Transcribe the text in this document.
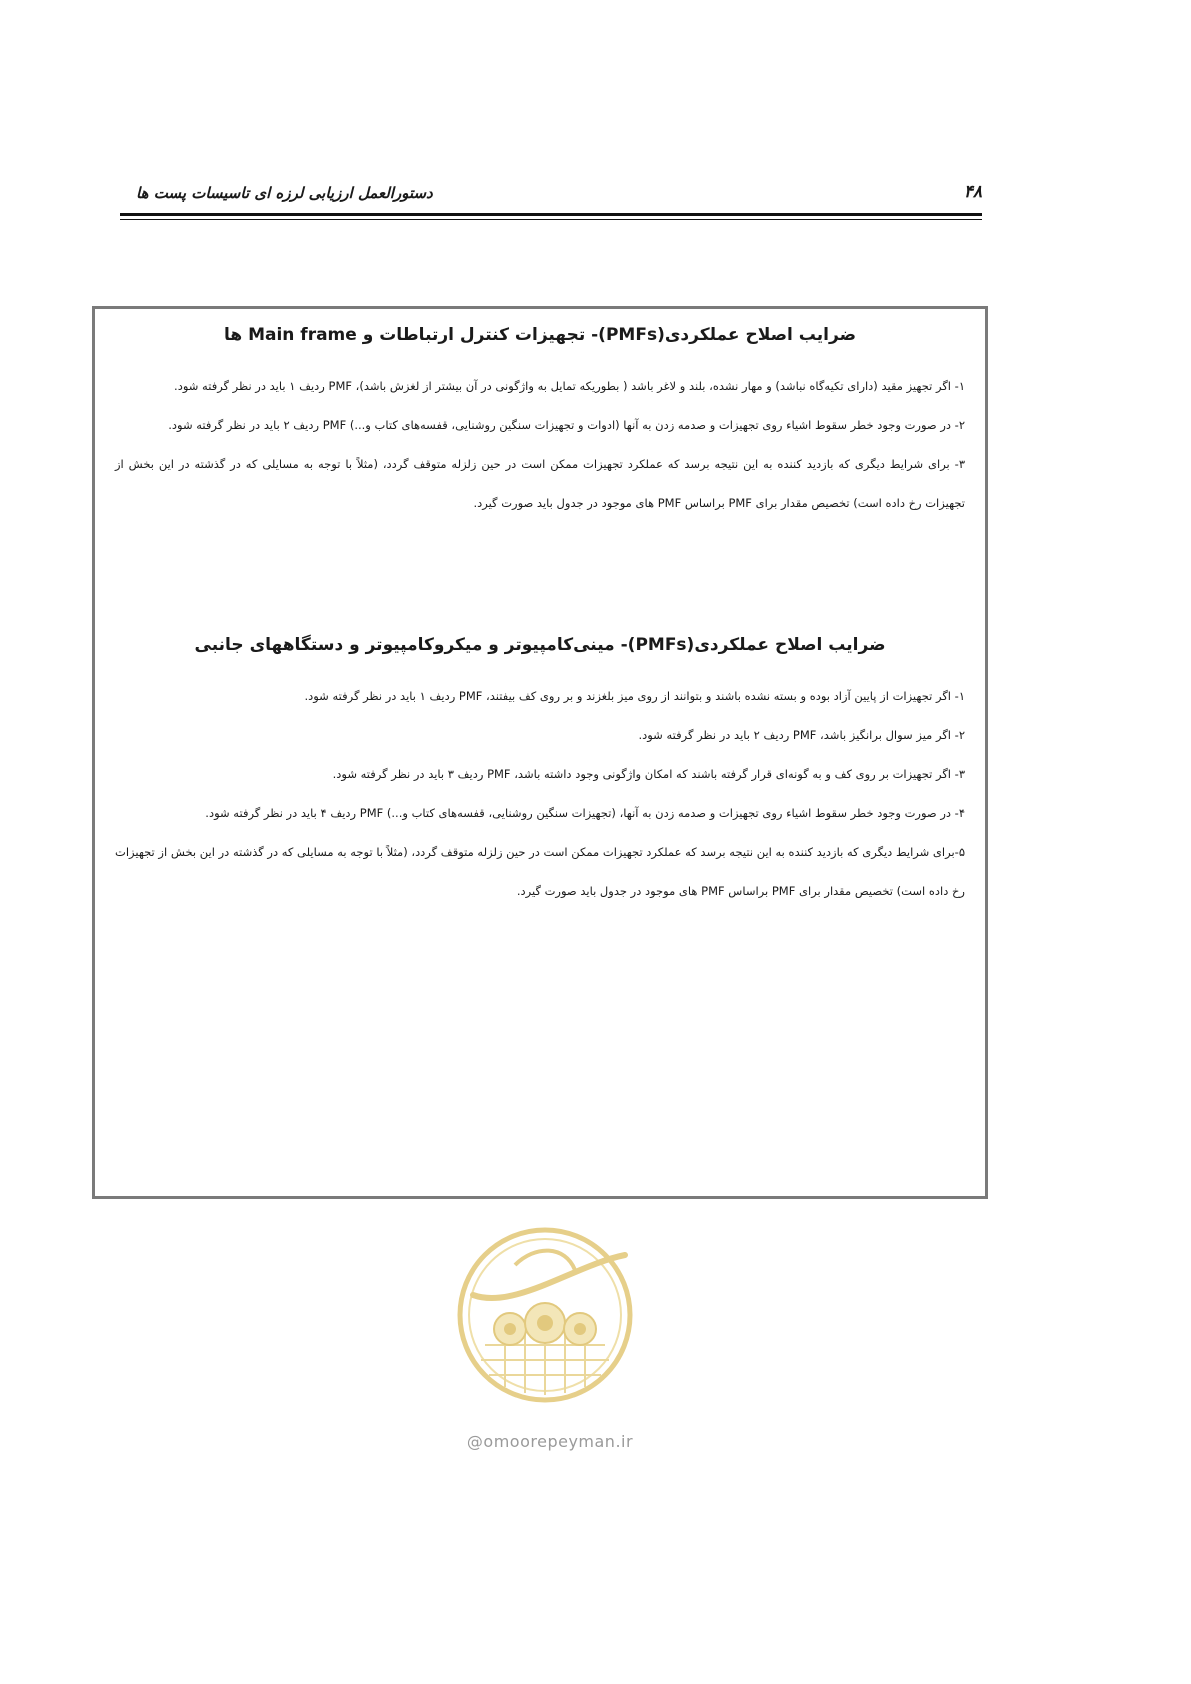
۴۸
دستورالعمل ارزیابی لرزه ای تاسیسات پست ها
ضرایب اصلاح عملکردی(PMFs)- تجهیزات کنترل ارتباطات و Main frame ها

۱- اگر تجهیز مقید (دارای تکیه‌گاه نباشد) و مهار نشده، بلند و لاغر باشد ( بطوریکه تمایل به واژگونی در آن بیشتر از لغزش باشد)، PMF ردیف ۱ باید در نظر گرفته شود.

۲- در صورت وجود خطر سقوط اشیاء روی تجهیزات و صدمه زدن به آنها (ادوات و تجهیزات سنگین روشنایی، قفسه‌های کتاب و...) PMF ردیف ۲ باید در نظر گرفته شود.

۳- برای شرایط دیگری که بازدید کننده به این نتیجه برسد که عملکرد تجهیزات ممکن است در حین زلزله متوقف گردد، (مثلاً با توجه به مسایلی که در گذشته در این بخش از تجهیزات رخ داده است) تخصیص مقدار برای PMF براساس PMF های موجود در جدول باید صورت گیرد.

ضرایب اصلاح عملکردی(PMFs)- مینی‌کامپیوتر و میکروکامپیوتر و دستگاههای جانبی

۱- اگر تجهیزات از پایین آزاد بوده و بسته نشده باشند و بتوانند از روی میز بلغزند و بر روی کف بیفتند، PMF ردیف ۱ باید در نظر گرفته شود.

۲- اگر میز سوال برانگیز باشد، PMF ردیف ۲ باید در نظر گرفته شود.

۳- اگر تجهیزات بر روی کف و به گونه‌ای قرار گرفته باشند که امکان واژگونی وجود داشته باشد، PMF ردیف ۳ باید در نظر گرفته شود.

۴- در صورت وجود خطر سقوط اشیاء روی تجهیزات و صدمه زدن به آنها، (تجهیزات سنگین روشنایی، قفسه‌های کتاب و...) PMF ردیف ۴ باید در نظر گرفته شود.

۵-برای شرایط دیگری که بازدید کننده به این نتیجه برسد که عملکرد تجهیزات ممکن است در حین زلزله متوقف گردد، (مثلاً با توجه به مسایلی که در گذشته در این بخش از تجهیزات رخ داده است) تخصیص مقدار برای PMF براساس PMF های موجود در جدول باید صورت گیرد.

@omoorepeyman.ir
